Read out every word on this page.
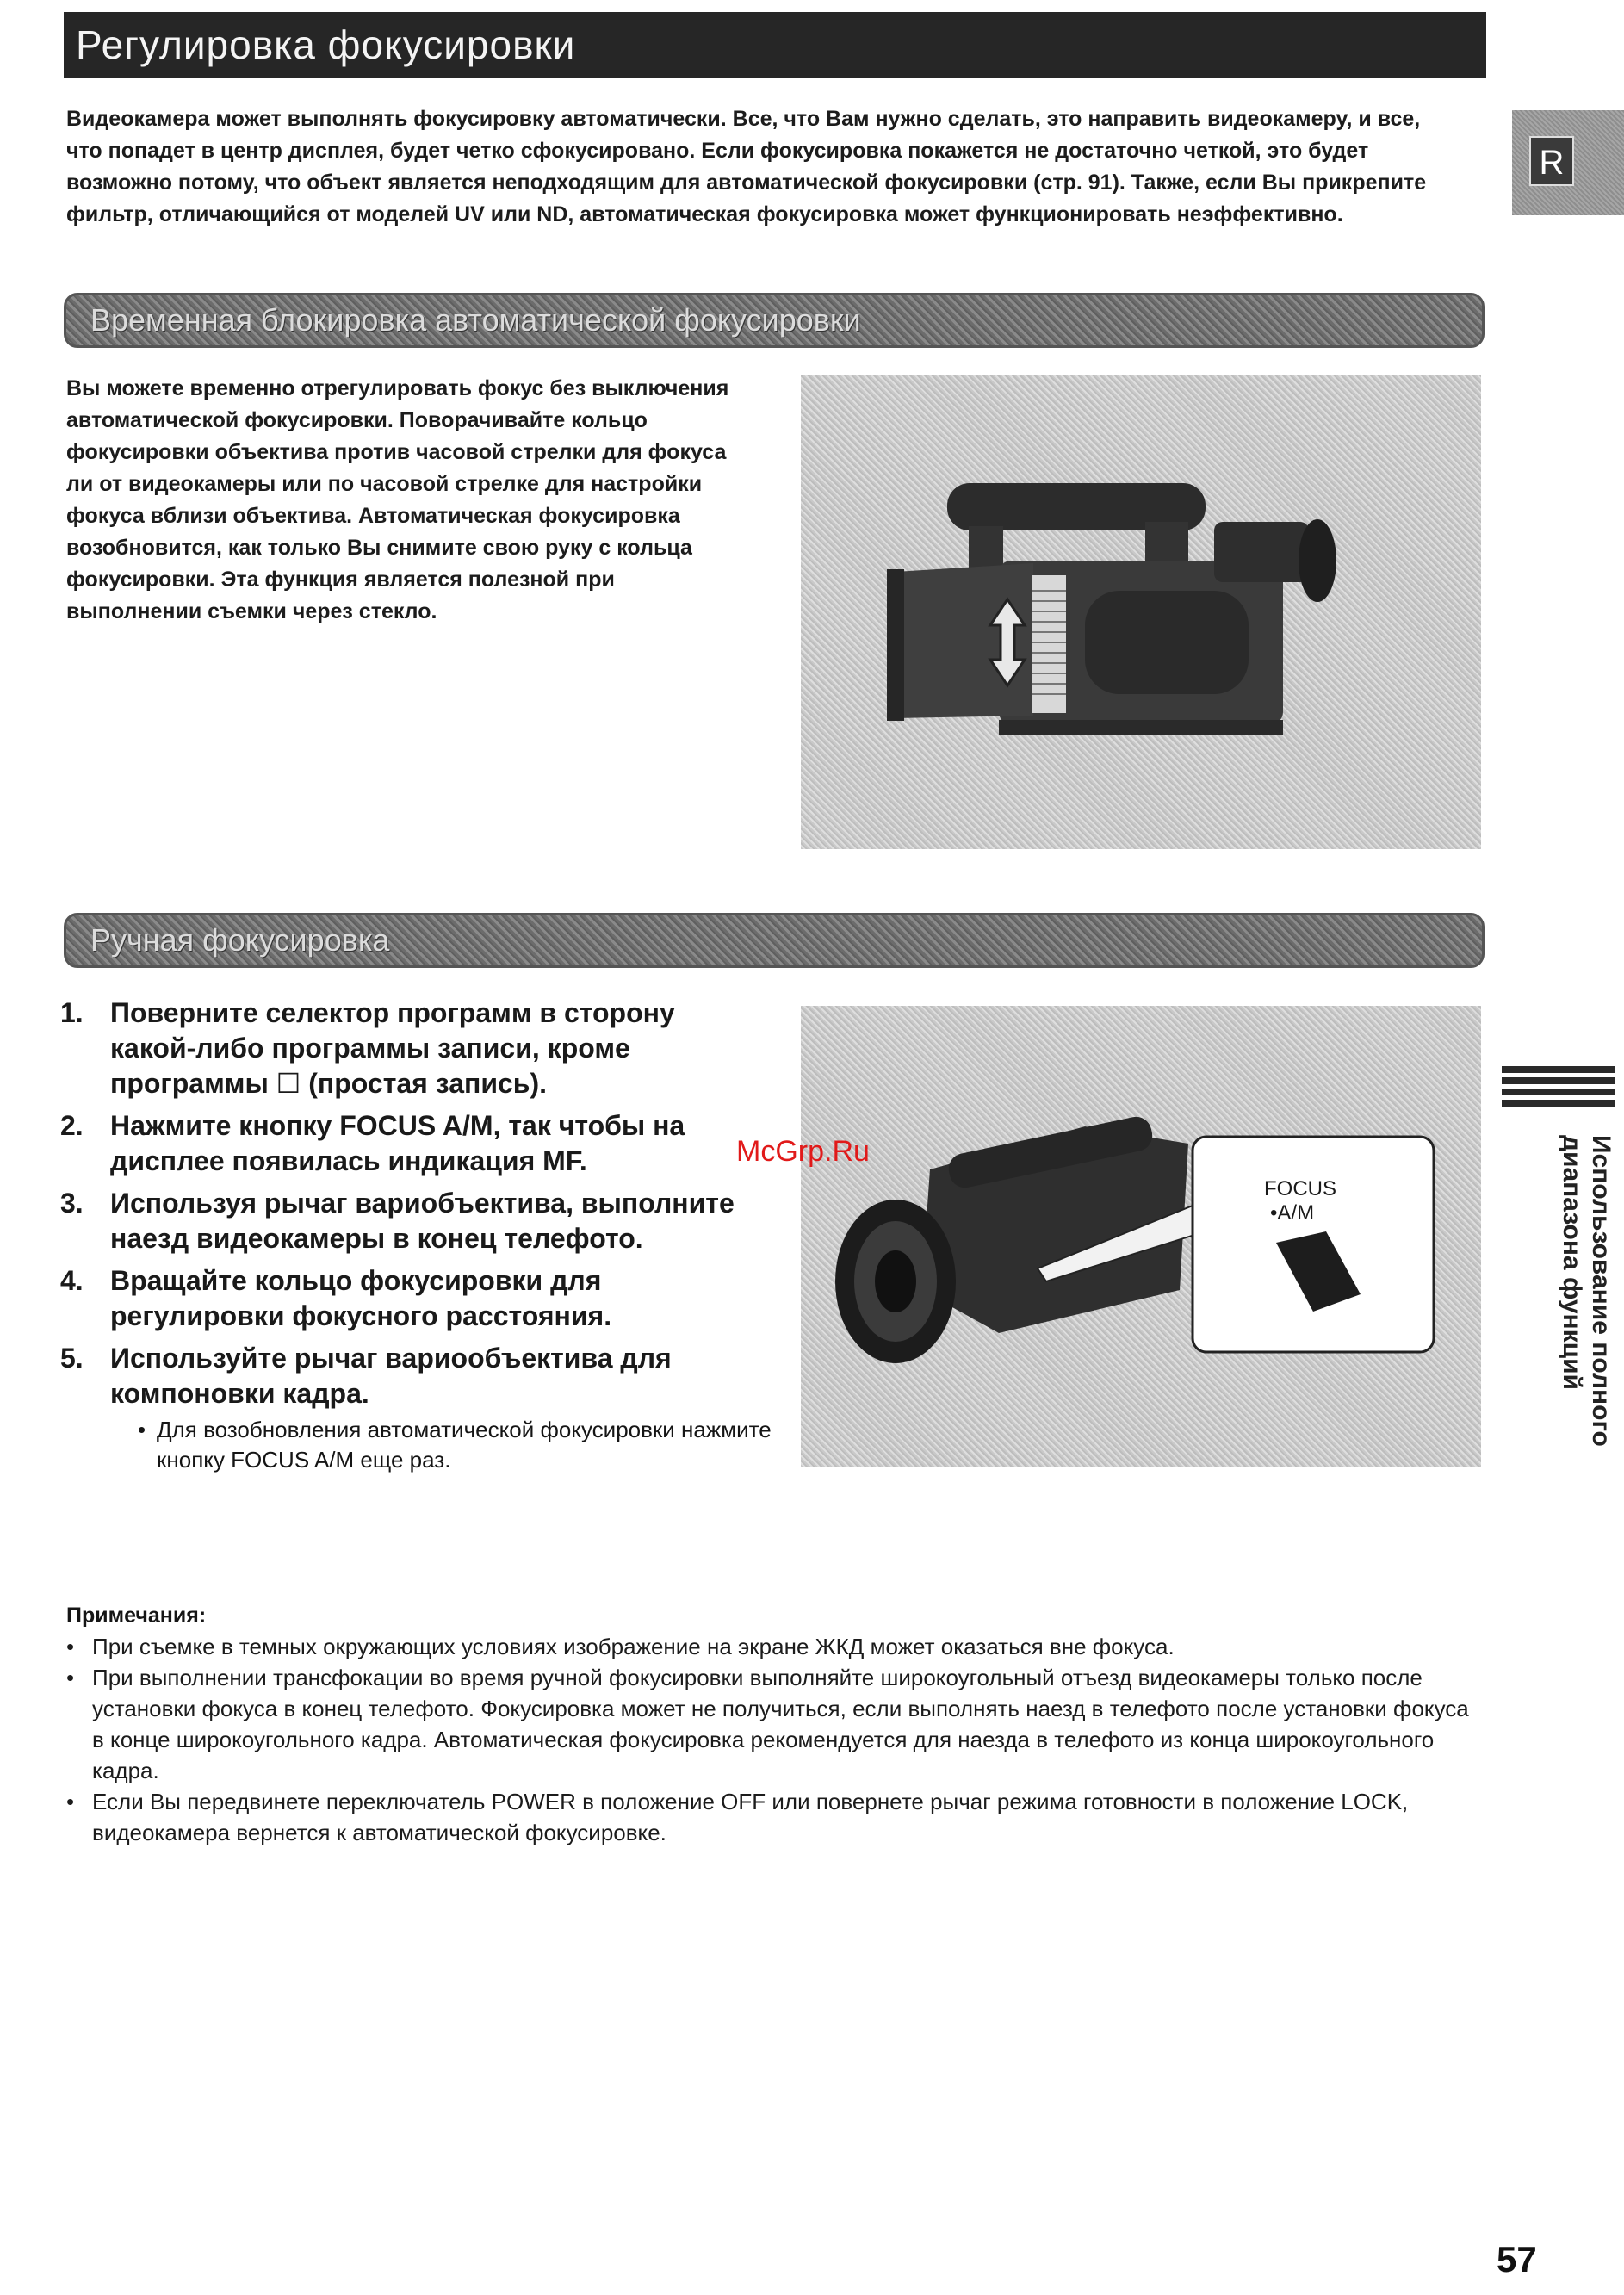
Регулировка фокусировки
Видеокамера может выполнять фокусировку автоматически. Все, что Вам нужно сделать, это направить видеокамеру, и все, что попадет в центр дисплея, будет четко сфокусировано. Если фокусировка покажется не достаточно четкой, это будет возможно потому, что объект является неподходящим для автоматической фокусировки (стр. 91). Также, если Вы прикрепите фильтр, отличающийся от моделей UV или ND, автоматическая фокусировка может функционировать неэффективно.
R
Временная блокировка автоматической фокусировки
Вы можете временно отрегулировать фокус без выключения автоматической фокусировки. Поворачивайте кольцо фокусировки объектива против часовой стрелки для фокуса ли от видеокамеры или по часовой стрелке для настройки фокуса вблизи объектива. Автоматическая фокусировка возобновится, как только Вы снимите свою руку с кольца фокусировки. Эта функция является полезной при выполнении съемки через стекло.
Ручная фокусировка
1. Поверните селектор программ в сторону какой-либо программы записи, кроме программы ☐ (простая запись).
2. Нажмите кнопку FOCUS A/M, так чтобы на дисплее появилась индикация MF.
3. Используя рычаг вариобъектива, выполните наезд видеокамеры в конец телефото.
4. Вращайте кольцо фокусировки для регулировки фокусного расстояния.
5. Используйте рычаг вариообъектива для компоновки кадра.
• Для возобновления автоматической фокусировки нажмите кнопку FOCUS A/M еще раз.
FOCUS
•A/M
McGrp.Ru	Использование полного диапазона функций
Примечания:
• При съемке в темных окружающих условиях изображение на экране ЖКД может оказаться вне фокуса.
• При выполнении трансфокации во время ручной фокусировки выполняйте широкоугольный отъезд видеокамеры только после установки фокуса в конец телефото. Фокусировка может не получиться, если выполнять наезд в телефото после установки фокуса в конце широкоугольного кадра. Автоматическая фокусировка рекомендуется для наезда в телефото из конца широкоугольного кадра.
• Если Вы передвинете переключатель POWER в положение OFF или повернете рычаг режима готовности в положение LOCK, видеокамера вернется к автоматической фокусировке.
57
